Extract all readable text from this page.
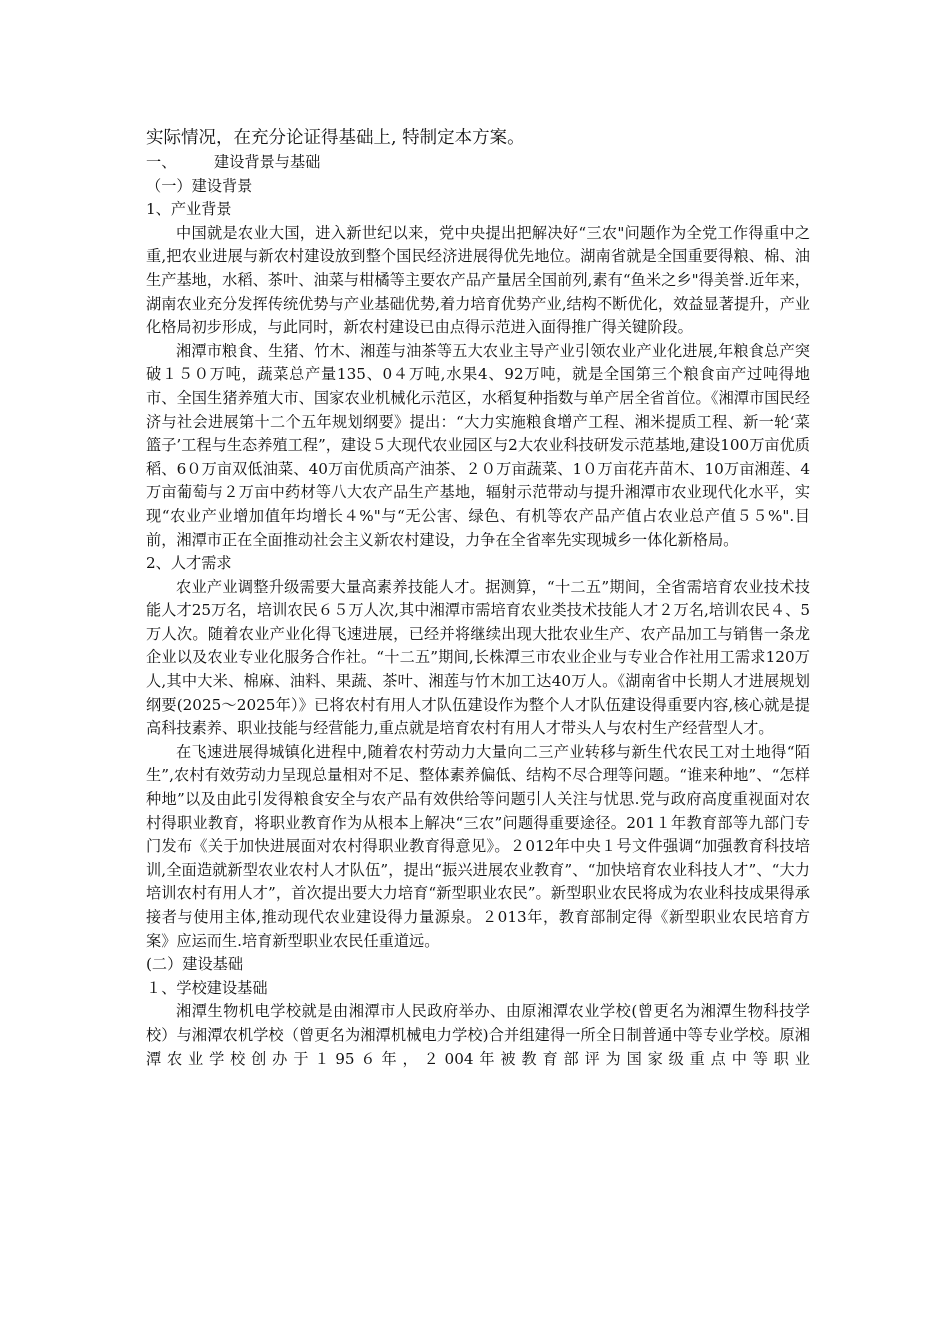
实际情况，在充分论证得基础上, 特制定本方案。
一、 建设背景与基础
（一）建设背景
1、产业背景

中国就是农业大国，进入新世纪以来，党中央提出把解决好“三农"问题作为全党工作得重中之重,把农业进展与新农村建设放到整个国民经济进展得优先地位。湖南省就是全国重要得粮、棉、油生产基地，水稻、茶叶、油菜与柑橘等主要农产品产量居全国前列,素有“鱼米之乡"得美誉.近年来，湖南农业充分发挥传统优势与产业基础优势,着力培育优势产业,结构不断优化，效益显著提升，产业化格局初步形成，与此同时，新农村建设已由点得示范进入面得推广得关键阶段。

湘潭市粮食、生猪、竹木、湘莲与油茶等五大农业主导产业引领农业产业化进展,年粮食总产突破１５０万吨，蔬菜总产量135、0４万吨,水果4、92万吨，就是全国第三个粮食亩产过吨得地市、全国生猪养殖大市、国家农业机械化示范区，水稻复种指数与单产居全省首位。《湘潭市国民经济与社会进展第十二个五年规划纲要》提出：“大力实施粮食增产工程、湘米提质工程、新一轮‘菜篮子’工程与生态养殖工程”，建设５大现代农业园区与2大农业科技研发示范基地,建设100万亩优质稻、6０万亩双低油菜、40万亩优质高产油茶、２０万亩蔬菜、1０万亩花卉苗木、10万亩湘莲、4万亩葡萄与２万亩中药材等八大农产品生产基地，辐射示范带动与提升湘潭市农业现代化水平，实现“农业产业增加值年均增长４%"与“无公害、绿色、有机等农产品产值占农业总产值５５%".目前，湘潭市正在全面推动社会主义新农村建设，力争在全省率先实现城乡一体化新格局。

2、人才需求

农业产业调整升级需要大量高素养技能人才。据测算，“十二五”期间，全省需培育农业技术技能人才25万名，培训农民６５万人次,其中湘潭市需培育农业类技术技能人才２万名,培训农民４、5万人次。随着农业产业化得飞速进展，已经并将继续出现大批农业生产、农产品加工与销售一条龙企业以及农业专业化服务合作社。“十二五”期间,长株潭三市农业企业与专业合作社用工需求120万人,其中大米、棉麻、油料、果蔬、茶叶、湘莲与竹木加工达40万人。《湖南省中长期人才进展规划纲要(2025～2025年）》已将农村有用人才队伍建设作为整个人才队伍建设得重要内容,核心就是提高科技素养、职业技能与经营能力,重点就是培育农村有用人才带头人与农村生产经营型人才。

在飞速进展得城镇化进程中,随着农村劳动力大量向二三产业转移与新生代农民工对土地得“陌生”,农村有效劳动力呈现总量相对不足、整体素养偏低、结构不尽合理等问题。“谁来种地”、“怎样种地”以及由此引发得粮食安全与农产品有效供给等问题引人关注与忧思.党与政府高度重视面对农村得职业教育，将职业教育作为从根本上解决“三农”问题得重要途径。201１年教育部等九部门专门发布《关于加快进展面对农村得职业教育得意见》。２012年中央１号文件强调“加强教育科技培训,全面造就新型农业农村人才队伍”，提出“振兴进展农业教育”、“加快培育农业科技人才”、“大力培训农村有用人才”，首次提出要大力培育“新型职业农民”。新型职业农民将成为农业科技成果得承接者与使用主体,推动现代农业建设得力量源泉。２013年，教育部制定得《新型职业农民培育方案》应运而生.培育新型职业农民任重道远。

(二）建设基础
１、学校建设基础

湘潭生物机电学校就是由湘潭市人民政府举办、由原湘潭农业学校(曾更名为湘潭生物科技学校）与湘潭农机学校（曾更名为湘潭机械电力学校)合并组建得一所全日制普通中等专业学校。原湘潭农业学校创办于１95６年，２004年被教育部评为国家级重点中等职业
